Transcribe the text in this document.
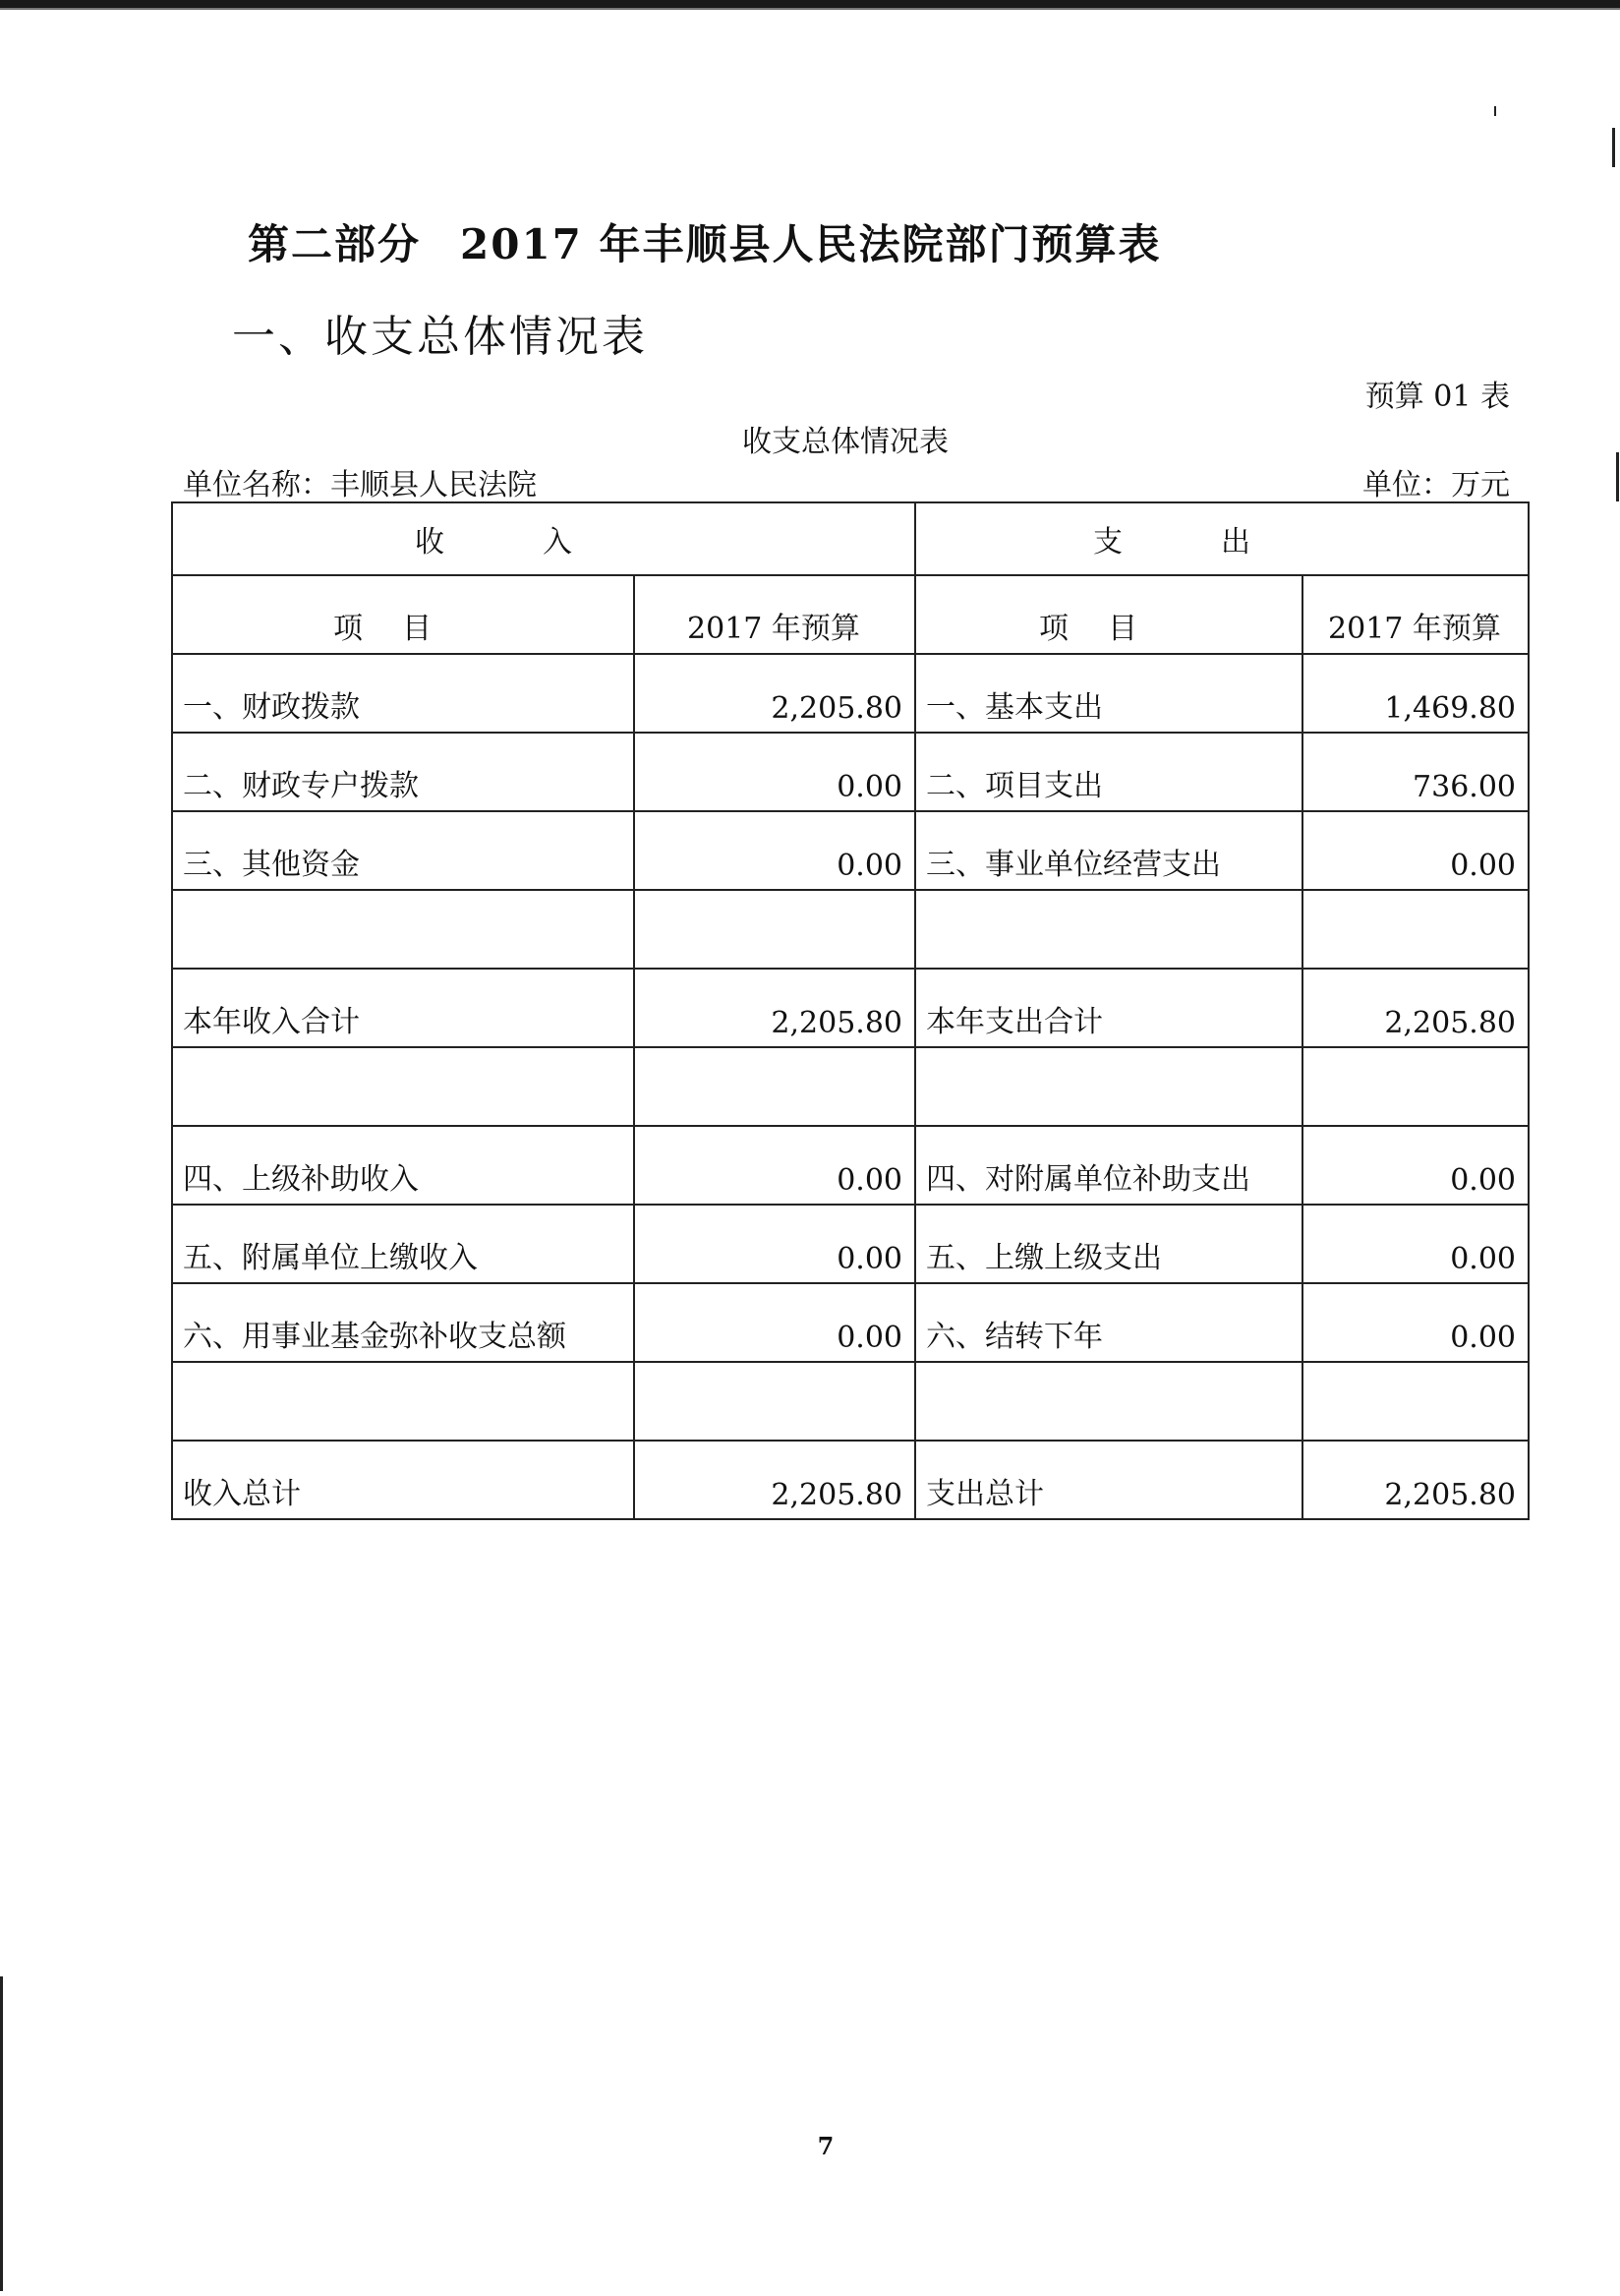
第二部分 2017 年丰顺县人民法院部门预算表
一、收支总体情况表
预算 01 表
收支总体情况表
单位名称：丰顺县人民法院	单位：万元
收入		支出	
项目	2017 年预算	项目	2017 年预算
一、财政拨款	2,205.80	一、基本支出	1,469.80
二、财政专户拨款	0.00	二、项目支出	736.00
三、其他资金	0.00	三、事业单位经营支出	0.00

本年收入合计	2,205.80	本年支出合计	2,205.80

四、上级补助收入	0.00	四、对附属单位补助支出	0.00
五、附属单位上缴收入	0.00	五、上缴上级支出	0.00
六、用事业基金弥补收支总额	0.00	六、结转下年	0.00

收入总计	2,205.80	支出总计	2,205.80
7
